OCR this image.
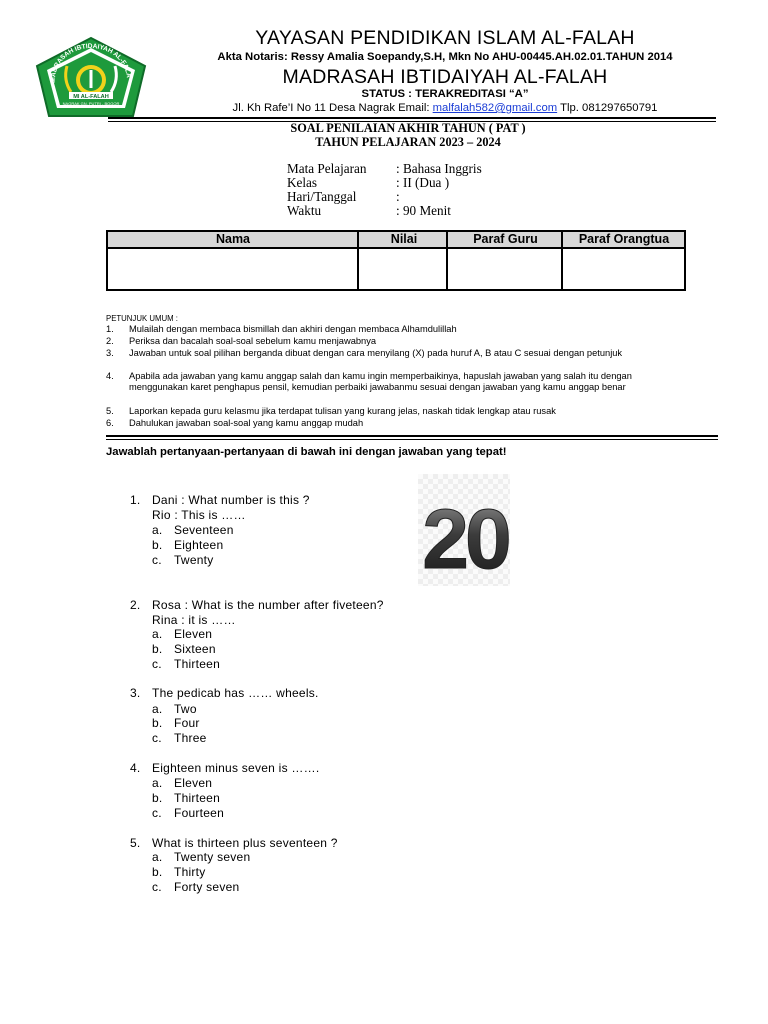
MADRASAH IBTIDAIYAH AL-FALA
MI AL-FALAH
NAGRAK GN. PUTRI - BOGOR
YAYASAN PENDIDIKAN ISLAM AL-FALAH
Akta Notaris: Ressy Amalia Soepandy,S.H, Mkn No AHU-00445.AH.02.01.TAHUN 2014
MADRASAH IBTIDAIYAH AL-FALAH
STATUS : TERAKREDITASI “A”
Jl. Kh Rafe’I No 11 Desa Nagrak Email: malfalah582@gmail.com Tlp. 081297650791
SOAL PENILAIAN AKHIR TAHUN ( PAT )
TAHUN PELAJARAN 2023 – 2024
Mata Pelajaran : Bahasa Inggris
Kelas	: II (Dua )
Hari/Tanggal	:
Waktu	: 90 Menit
Nama	Nilai	Paraf Guru	Paraf Orangtua
PETUNJUK UMUM :
1. Mulailah dengan membaca bismillah dan akhiri dengan membaca Alhamdulillah
2. Periksa dan bacalah soal-soal sebelum kamu menjawabnya
3. Jawaban untuk soal pilihan berganda dibuat dengan cara menyilang (X) pada huruf A, B atau C sesuai dengan petunjuk
4. Apabila ada jawaban yang kamu anggap salah dan kamu ingin memperbaikinya, hapuslah jawaban yang salah itu dengan menggunakan karet penghapus pensil, kemudian perbaiki jawabanmu sesuai dengan jawaban yang kamu anggap benar
5. Laporkan kepada guru kelasmu jika terdapat tulisan yang kurang jelas, naskah tidak lengkap atau rusak
6. Dahulukan jawaban soal-soal yang kamu anggap mudah
Jawablah pertanyaan-pertanyaan di bawah ini dengan jawaban yang tepat!
20
1. Dani : What number is this ?
Rio : This is ……
a. Seventeen
b. Eighteen
c. Twenty
2. Rosa : What is the number after fiveteen?
Rina : it is ……
a. Eleven
b. Sixteen
c. Thirteen
3. The pedicab has …… wheels.
a. Two
b. Four
c. Three
4. Eighteen minus seven is …….
a. Eleven
b. Thirteen
c. Fourteen
5. What is thirteen plus seventeen ?
a. Twenty seven
b. Thirty
c. Forty seven
